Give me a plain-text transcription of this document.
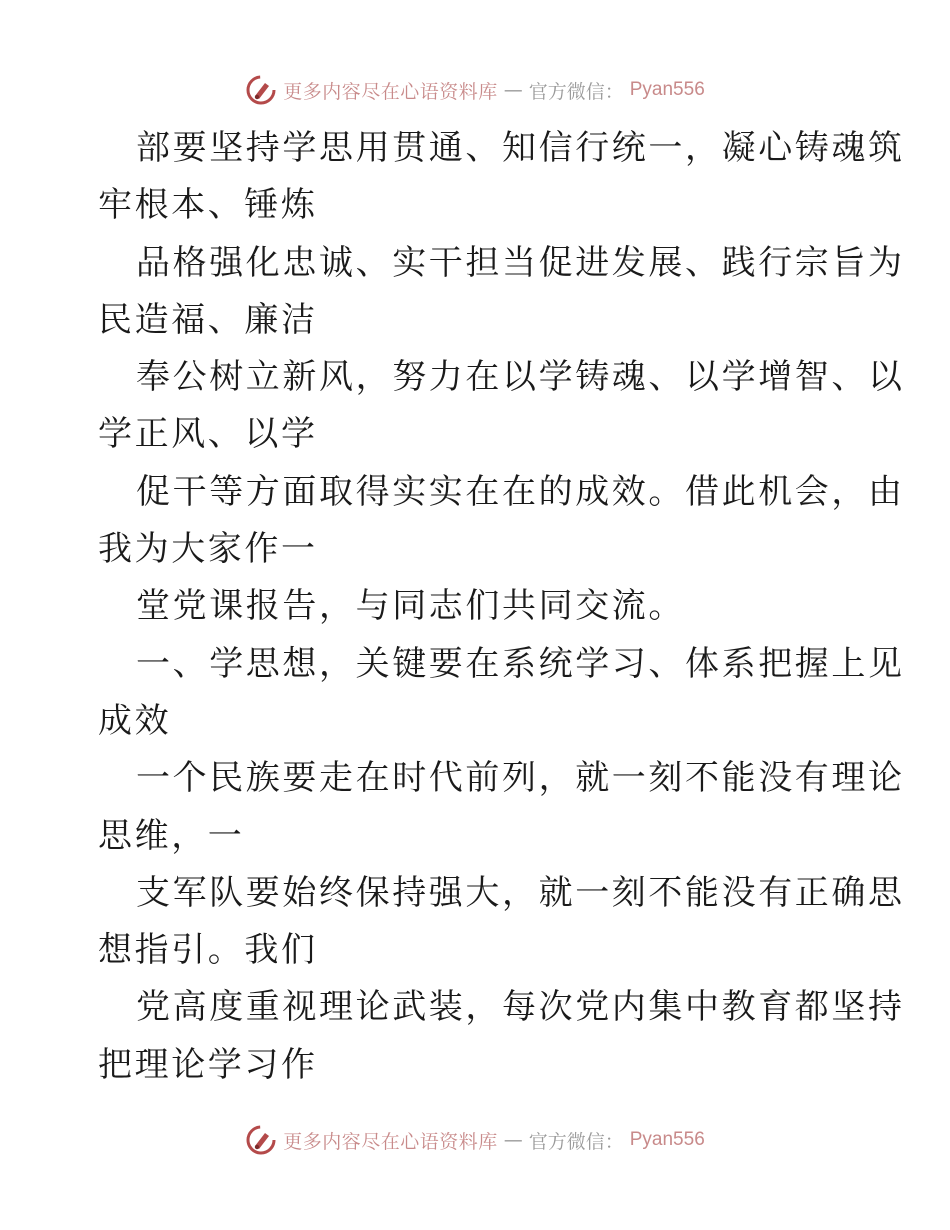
更多内容尽在心语资料库 — 官方微信： Pyan556
部要坚持学思用贯通、知信行统一，凝心铸魂筑
牢根本、锤炼
品格强化忠诚、实干担当促进发展、践行宗旨为
民造福、廉洁
奉公树立新风，努力在以学铸魂、以学增智、以
学正风、以学
促干等方面取得实实在在的成效。借此机会，由
我为大家作一
堂党课报告，与同志们共同交流。
一、学思想，关键要在系统学习、体系把握上见
成效
一个民族要走在时代前列，就一刻不能没有理论
思维，一
支军队要始终保持强大，就一刻不能没有正确思
想指引。我们
党高度重视理论武装，每次党内集中教育都坚持
把理论学习作
更多内容尽在心语资料库 — 官方微信： Pyan556
